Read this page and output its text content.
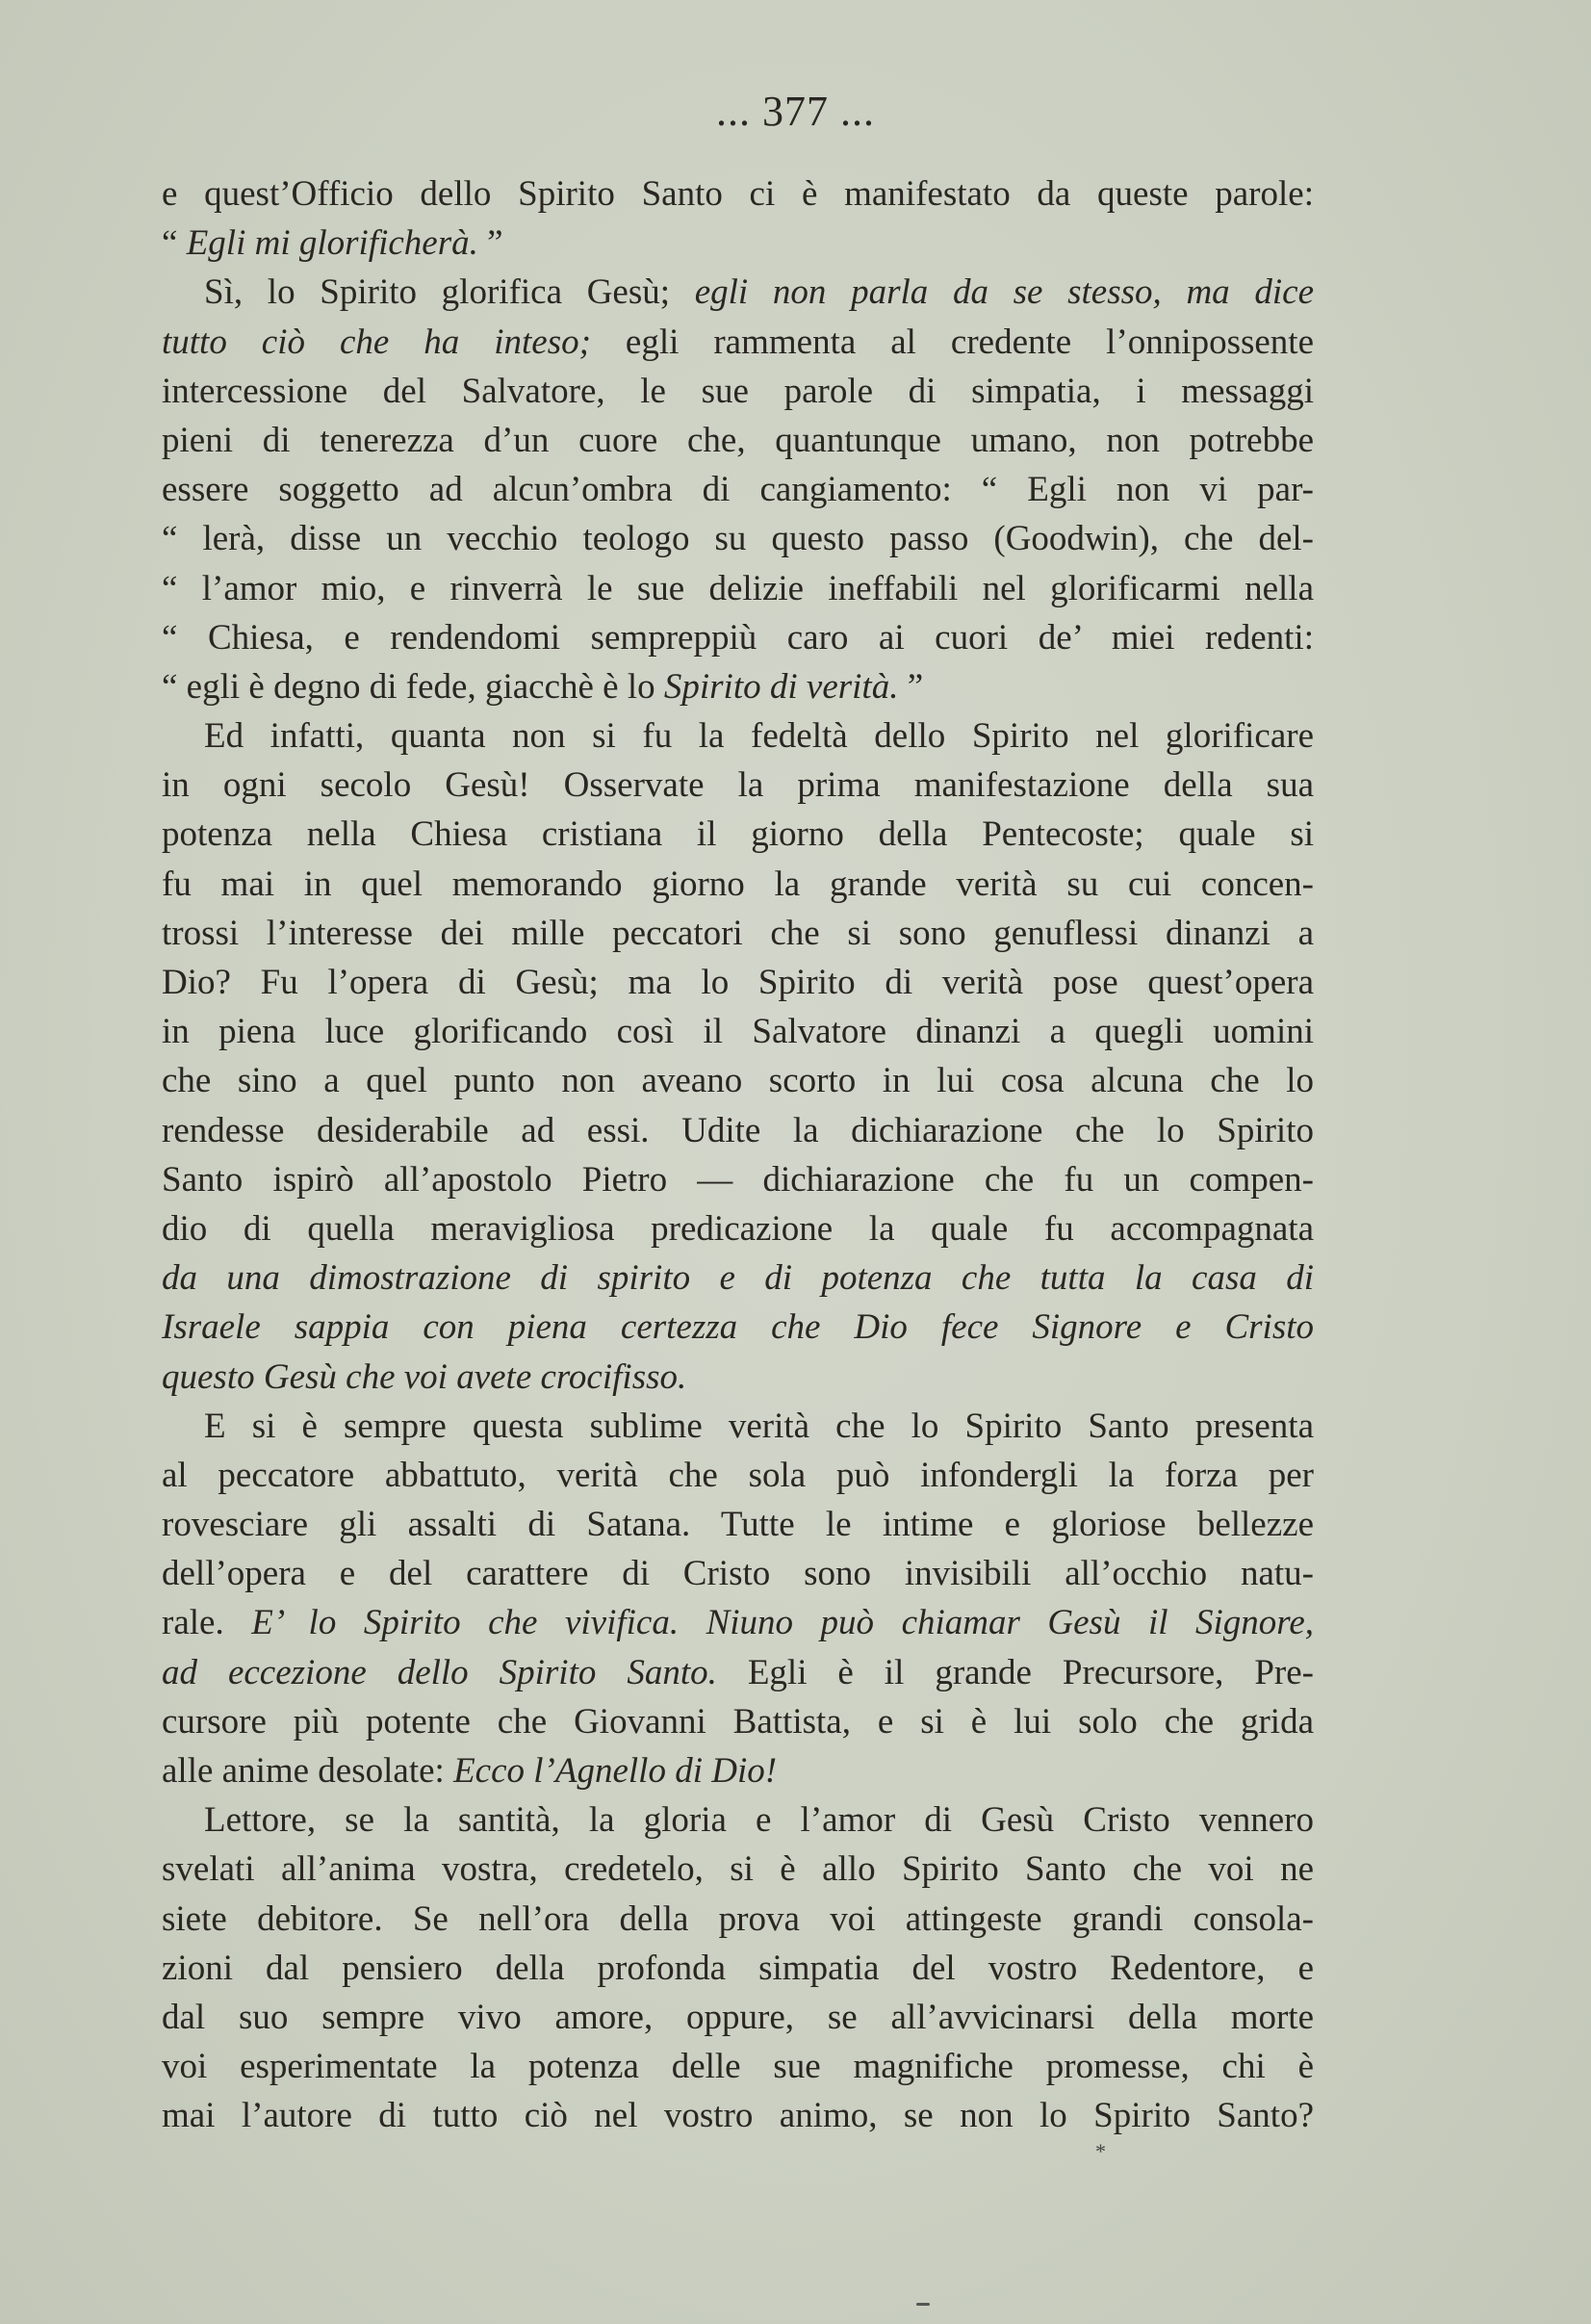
... 377 ...
e quest’Officio dello Spirito Santo ci è manifestato da queste parole:
“ Egli mi glorificherà. ”
Sì, lo Spirito glorifica Gesù; egli non parla da se stesso, ma dice
tutto ciò che ha inteso; egli rammenta al credente l’onnipossente
intercessione del Salvatore, le sue parole di simpatia, i messaggi
pieni di tenerezza d’un cuore che, quantunque umano, non potrebbe
essere soggetto ad alcun’ombra di cangiamento: “ Egli non vi par-
“ lerà, disse un vecchio teologo su questo passo (Goodwin), che del-
“ l’amor mio, e rinverrà le sue delizie ineffabili nel glorificarmi nella
“ Chiesa, e rendendomi sempreppiù caro ai cuori de’ miei redenti:
“ egli è degno di fede, giacchè è lo Spirito di verità. ”
Ed infatti, quanta non si fu la fedeltà dello Spirito nel glorificare
in ogni secolo Gesù! Osservate la prima manifestazione della sua
potenza nella Chiesa cristiana il giorno della Pentecoste; quale si
fu mai in quel memorando giorno la grande verità su cui concen-
trossi l’interesse dei mille peccatori che si sono genuflessi dinanzi a
Dio? Fu l’opera di Gesù; ma lo Spirito di verità pose quest’opera
in piena luce glorificando così il Salvatore dinanzi a quegli uomini
che sino a quel punto non aveano scorto in lui cosa alcuna che lo
rendesse desiderabile ad essi. Udite la dichiarazione che lo Spirito
Santo ispirò all’apostolo Pietro — dichiarazione che fu un compen-
dio di quella meravigliosa predicazione la quale fu accompagnata
da una dimostrazione di spirito e di potenza che tutta la casa di
Israele sappia con piena certezza che Dio fece Signore e Cristo
questo Gesù che voi avete crocifisso.
E si è sempre questa sublime verità che lo Spirito Santo presenta
al peccatore abbattuto, verità che sola può infondergli la forza per
rovesciare gli assalti di Satana. Tutte le intime e gloriose bellezze
dell’opera e del carattere di Cristo sono invisibili all’occhio natu-
rale. E’ lo Spirito che vivifica. Niuno può chiamar Gesù il Signore,
ad eccezione dello Spirito Santo. Egli è il grande Precursore, Pre-
cursore più potente che Giovanni Battista, e si è lui solo che grida
alle anime desolate: Ecco l’Agnello di Dio!
Lettore, se la santità, la gloria e l’amor di Gesù Cristo vennero
svelati all’anima vostra, credetelo, si è allo Spirito Santo che voi ne
siete debitore. Se nell’ora della prova voi attingeste grandi consola-
zioni dal pensiero della profonda simpatia del vostro Redentore, e
dal suo sempre vivo amore, oppure, se all’avvicinarsi della morte
voi esperimentate la potenza delle sue magnifiche promesse, chi è
mai l’autore di tutto ciò nel vostro animo, se non lo Spirito Santo?
*
